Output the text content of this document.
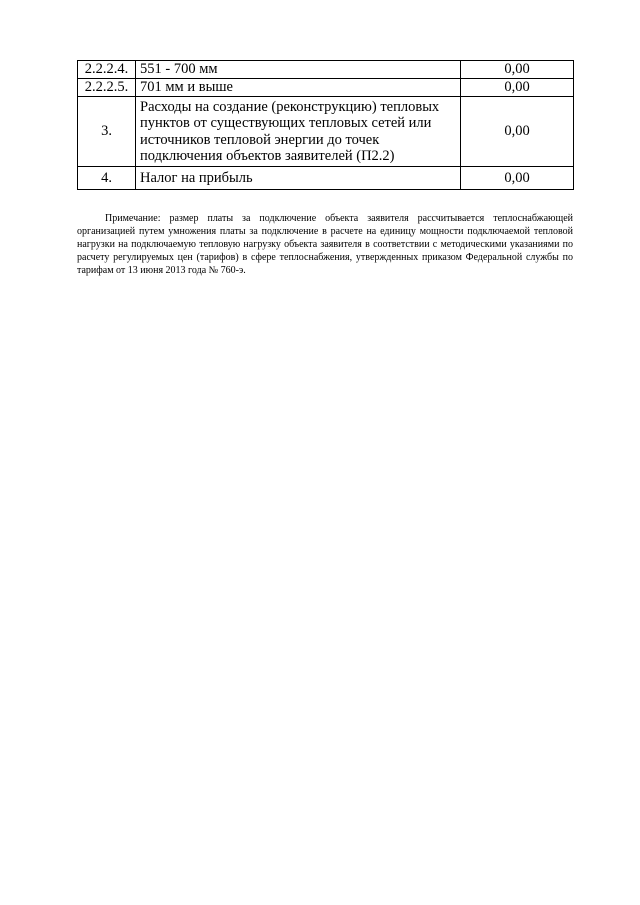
2.2.2.4.	551 - 700 мм	0,00
2.2.2.5.	701 мм и выше	0,00
3.	Расходы на создание (реконструкцию) тепловых пунктов от существующих тепловых сетей или источников тепловой энергии до точек подключения объектов заявителей (П2.2)	0,00
4.	Налог на прибыль	0,00

Примечание: размер платы за подключение объекта заявителя рассчитывается теплоснабжающей организацией путем умножения платы за подключение в расчете на единицу мощности подключаемой тепловой нагрузки на подключаемую тепловую нагрузку объекта заявителя в соответствии с методическими указаниями по расчету регулируемых цен (тарифов) в сфере теплоснабжения, утвержденных приказом Федеральной службы по тарифам от 13 июня 2013 года № 760-э.
